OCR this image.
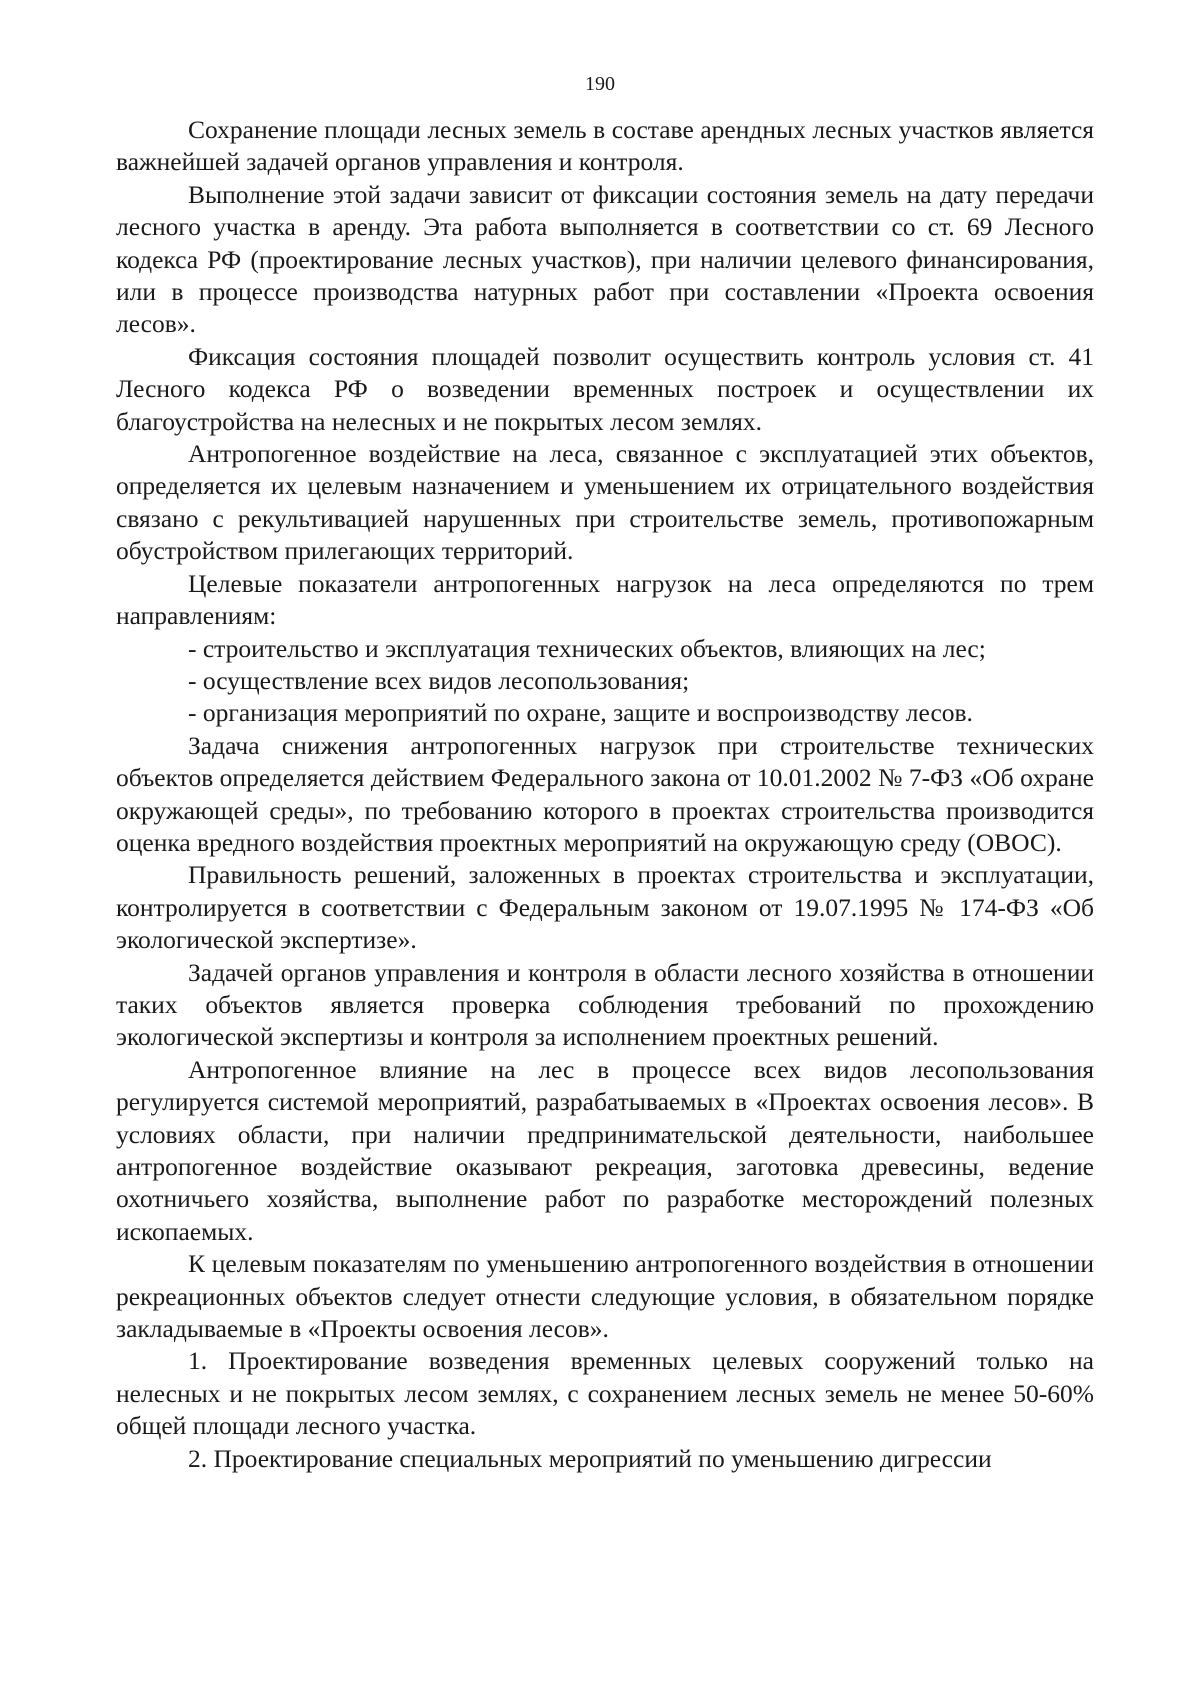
190

Сохранение площади лесных земель в составе арендных лесных участков является важнейшей задачей органов управления и контроля.

Выполнение этой задачи зависит от фиксации состояния земель на дату передачи лесного участка в аренду. Эта работа выполняется в соответствии со ст. 69 Лесного кодекса РФ (проектирование лесных участков), при наличии целевого финансирования, или в процессе производства натурных работ при составлении «Проекта освоения лесов».

Фиксация состояния площадей позволит осуществить контроль условия ст. 41 Лесного кодекса РФ о возведении временных построек и осуществлении их благоустройства на нелесных и не покрытых лесом землях.

Антропогенное воздействие на леса, связанное с эксплуатацией этих объектов, определяется их целевым назначением и уменьшением их отрицательного воздействия связано с рекультивацией нарушенных при строительстве земель, противопожарным обустройством прилегающих территорий.

Целевые показатели антропогенных нагрузок на леса определяются по трем направлениям:

- строительство и эксплуатация технических объектов, влияющих на лес;

- осуществление всех видов лесопользования;

- организация мероприятий по охране, защите и воспроизводству лесов.

Задача снижения антропогенных нагрузок при строительстве технических объектов определяется действием Федерального закона от 10.01.2002 № 7-ФЗ «Об охране окружающей среды», по требованию которого в проектах строительства производится оценка вредного воздействия проектных мероприятий на окружающую среду (ОВОС).

Правильность решений, заложенных в проектах строительства и эксплуатации, контролируется в соответствии с Федеральным законом от 19.07.1995 № 174-ФЗ «Об экологической экспертизе».

Задачей органов управления и контроля в области лесного хозяйства в отношении таких объектов является проверка соблюдения требований по прохождению экологической экспертизы и контроля за исполнением проектных решений.

Антропогенное влияние на лес в процессе всех видов лесопользования регулируется системой мероприятий, разрабатываемых в «Проектах освоения лесов». В условиях области, при наличии предпринимательской деятельности, наибольшее антропогенное воздействие оказывают рекреация, заготовка древесины, ведение охотничьего хозяйства, выполнение работ по разработке месторождений полезных ископаемых.

К целевым показателям по уменьшению антропогенного воздействия в отношении рекреационных объектов следует отнести следующие условия, в обязательном порядке закладываемые в «Проекты освоения лесов».

1. Проектирование возведения временных целевых сооружений только на нелесных и не покрытых лесом землях, с сохранением лесных земель не менее 50-60% общей площади лесного участка.

2. Проектирование специальных мероприятий по уменьшению дигрессии
